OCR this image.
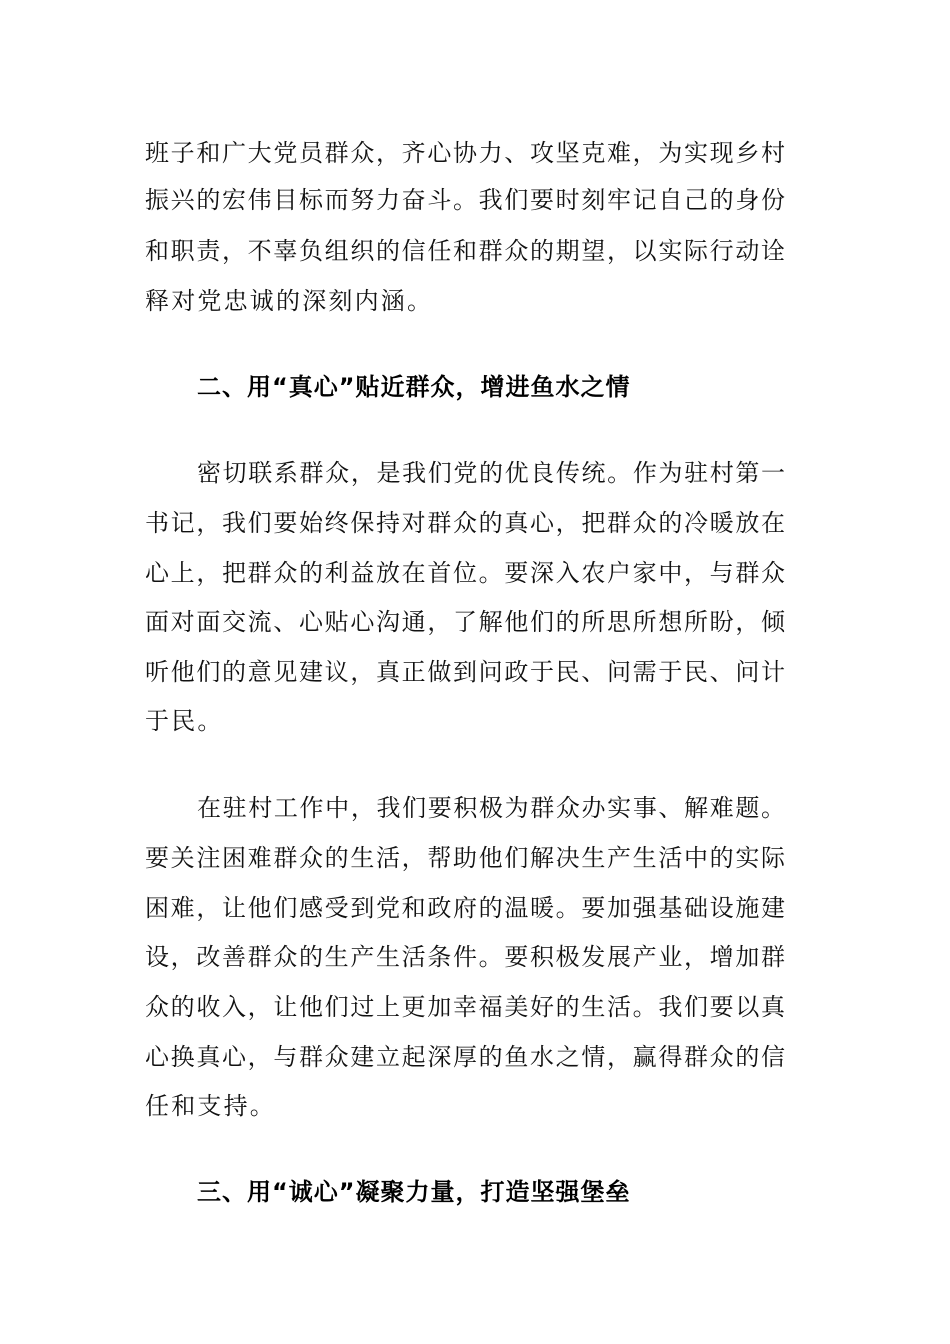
班子和广大党员群众，齐心协力、攻坚克难，为实现乡村
振兴的宏伟目标而努力奋斗。我们要时刻牢记自己的身份
和职责，不辜负组织的信任和群众的期望，以实际行动诠
释对党忠诚的深刻内涵。
二、用“真心”贴近群众，增进鱼水之情
密切联系群众，是我们党的优良传统。作为驻村第一
书记，我们要始终保持对群众的真心，把群众的冷暖放在
心上，把群众的利益放在首位。要深入农户家中，与群众
面对面交流、心贴心沟通，了解他们的所思所想所盼，倾
听他们的意见建议，真正做到问政于民、问需于民、问计
于民。
在驻村工作中，我们要积极为群众办实事、解难题。
要关注困难群众的生活，帮助他们解决生产生活中的实际
困难，让他们感受到党和政府的温暖。要加强基础设施建
设，改善群众的生产生活条件。要积极发展产业，增加群
众的收入，让他们过上更加幸福美好的生活。我们要以真
心换真心，与群众建立起深厚的鱼水之情，赢得群众的信
任和支持。
三、用“诚心”凝聚力量，打造坚强堡垒
